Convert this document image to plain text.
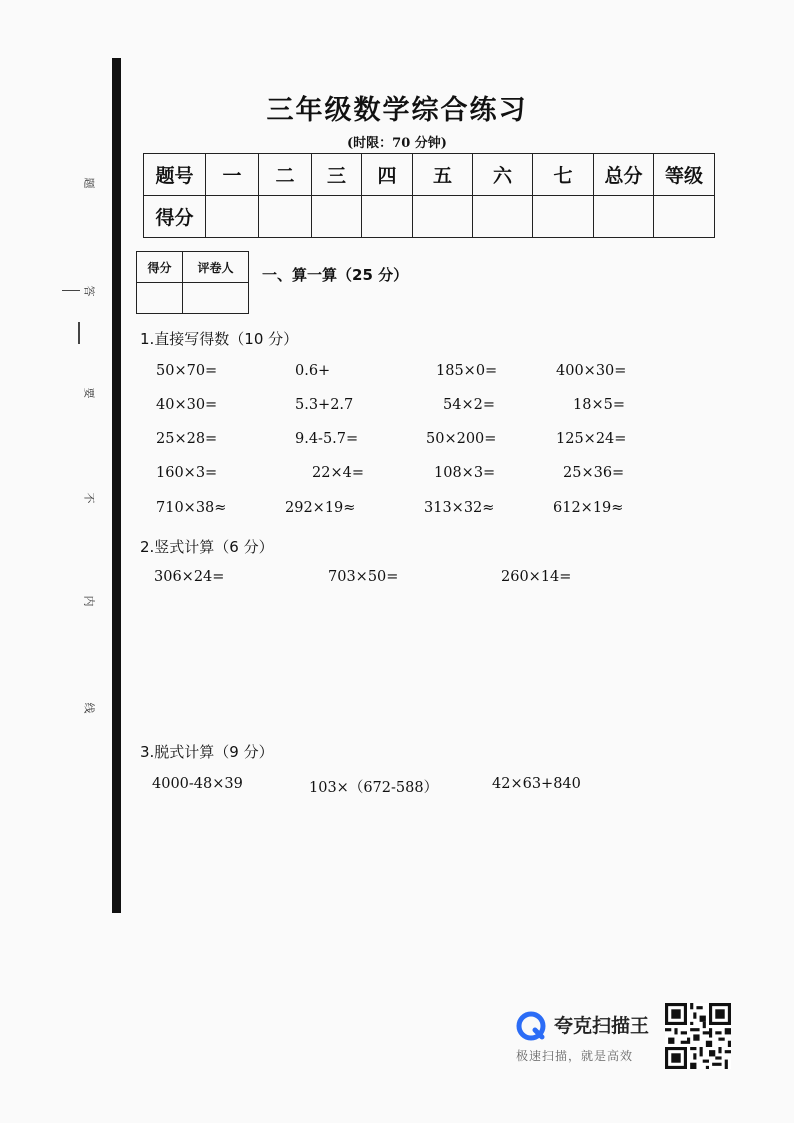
题
答
要
不
内
线
三年级数学综合练习
(时限：70 分钟)
题号	一	二	三	四	五	六	七	总分	等级
得分									
得分	评卷人
	一、算一算（25 分）
1.直接写得数（10 分）
50×70=	0.6+	185×0=	400×30=
40×30=	5.3+2.7	54×2=	18×5=
25×28=	9.4-5.7=	50×200=	125×24=
160×3=	22×4=	108×3=	25×36=
710×38≈	292×19≈	313×32≈	612×19≈
2.竖式计算（6 分）
306×24=	703×50=	260×14=
3.脱式计算（9 分）
4000-48×39	103×（672-588）	42×63+840
夸克扫描王
极速扫描，就是高效
